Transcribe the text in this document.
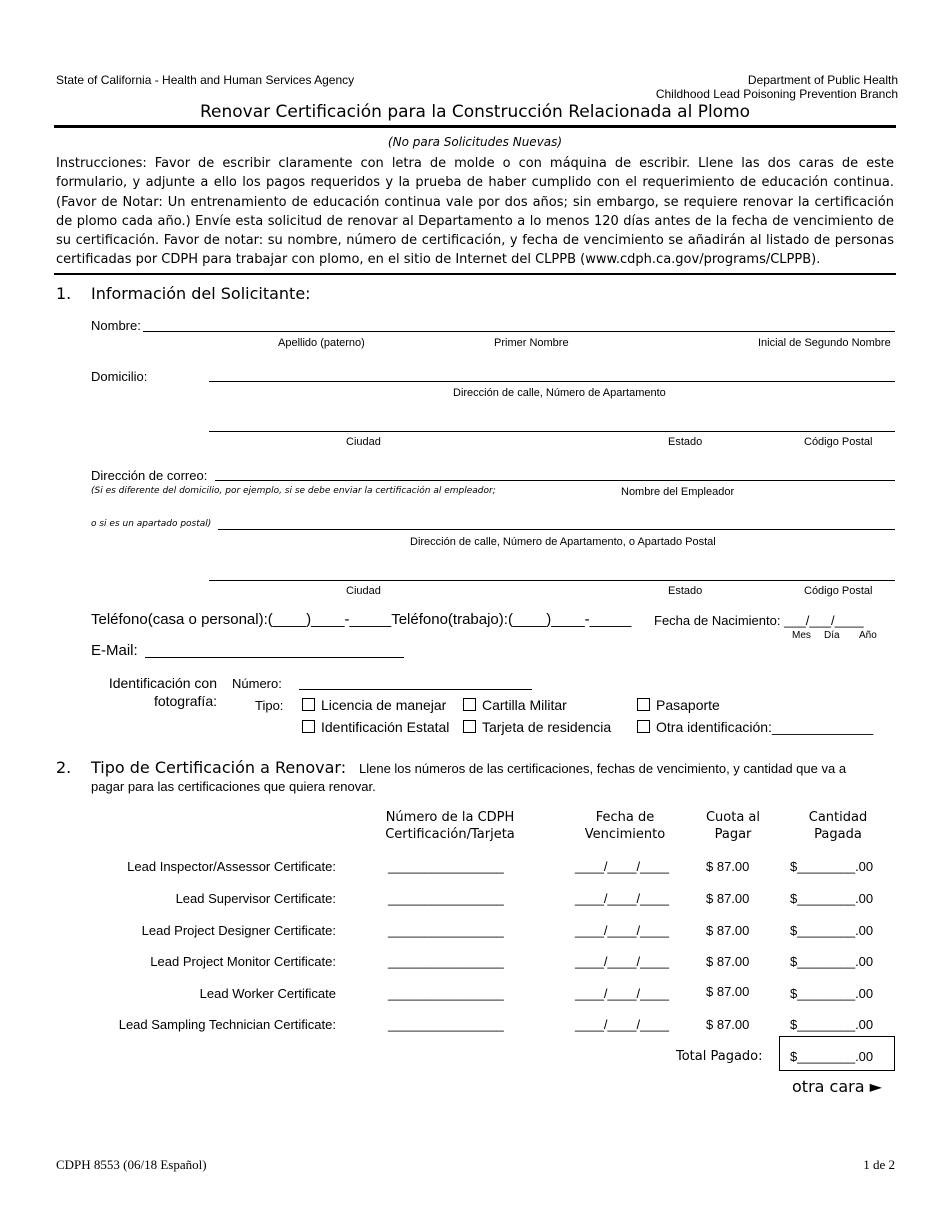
State of California - Health and Human Services Agency	Department of Public Health
Childhood Lead Poisoning Prevention Branch
Renovar Certificación para la Construcción Relacionada al Plomo
(No para Solicitudes Nuevas)
Instrucciones: Favor de escribir claramente con letra de molde o con máquina de escribir. Llene las dos caras de este formulario, y adjunte a ello los pagos requeridos y la prueba de haber cumplido con el requerimiento de educación continua. (Favor de Notar: Un entrenamiento de educación continua vale por dos años; sin embargo, se requiere renovar la certificación de plomo cada año.) Envíe esta solicitud de renovar al Departamento a lo menos 120 días antes de la fecha de vencimiento de su certificación. Favor de notar: su nombre, número de certificación, y fecha de vencimiento se añadirán al listado de personas certificadas por CDPH para trabajar con plomo, en el sitio de Internet del CLPPB (www.cdph.ca.gov/programs/CLPPB).
1. Información del Solicitante:
Nombre:
Apellido (paterno)	Primer Nombre	Inicial de Segundo Nombre
Domicilio:
Dirección de calle, Número de Apartamento
Ciudad	Estado	Código Postal
Dirección de correo:
(Si es diferente del domicilio, por ejemplo, si se debe enviar la certificación al empleador;	Nombre del Empleador
o si es un apartado postal)
Dirección de calle, Número de Apartamento, o Apartado Postal
Ciudad	Estado	Código Postal
Teléfono(casa o personal):(____)____-_____Teléfono(trabajo):(____)____-_____ Fecha de Nacimiento: ___/___/____
Mes Día Año
E-Mail:
Identificación con
fotografía:
Número:
Tipo:	Licencia de manejar	Cartilla Militar	Pasaporte
Identificación Estatal	Tarjeta de residencia	Otra identificación:_____________
2. Tipo de Certificación a Renovar: Llene los números de las certificaciones, fechas de vencimiento, y cantidad que va a
pagar para las certificaciones que quiera renovar.
Número de la CDPH
Certificación/Tarjeta
Fecha de
Vencimiento
Cuota al
Pagar
Cantidad
Pagada
Lead Inspector/Assessor Certificate:	________________	____/____/____	$ 87.00	$________.00
Lead Supervisor Certificate:	________________	____/____/____	$ 87.00	$________.00
Lead Project Designer Certificate:	________________	____/____/____	$ 87.00	$________.00
Lead Project Monitor Certificate:	________________	____/____/____	$ 87.00	$________.00
Lead Worker Certificate	________________	____/____/____	$ 87.00	$________.00
Lead Sampling Technician Certificate:	________________	____/____/____	$ 87.00	$________.00
Total Pagado: $________.00
otra cara ►
CDPH 8553 (06/18 Español)	1 de 2
